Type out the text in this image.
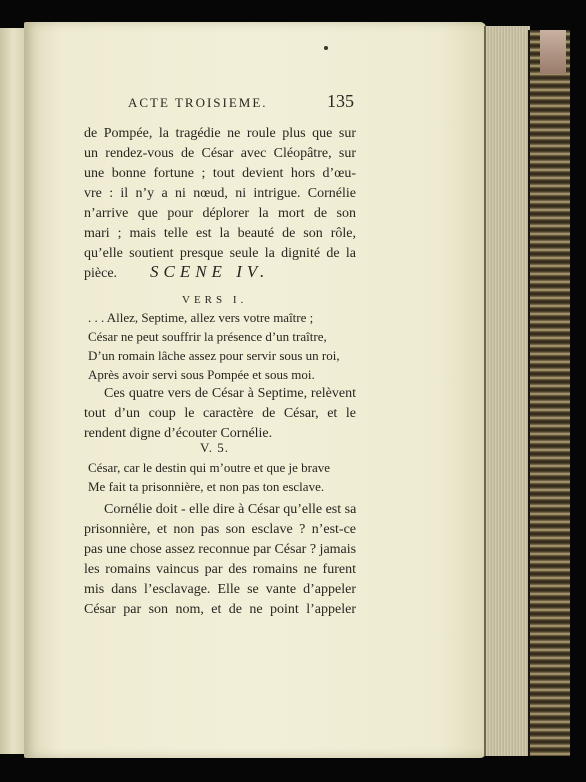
ACTE TROISIEME.	135
de Pompée, la tragédie ne roule plus que sur
un rendez-vous de César avec Cléopâtre, sur
une bonne fortune ; tout devient hors d’œu-
vre : il n’y a ni nœud, ni intrigue. Cornélie
n’arrive que pour déplorer la mort de son
mari ; mais telle est la beauté de son rôle,
qu’elle soutient presque seule la dignité de la
pièce.	SCENE IV.
VERS I.
. . . Allez, Septime, allez vers votre maître ;
César ne peut souffrir la présence d’un traître,
D’un romain lâche assez pour servir sous un roi,
Après avoir servi sous Pompée et sous moi.
Ces quatre vers de César à Septime, relèvent
tout d’un coup le caractère de César, et le
rendent digne d’écouter Cornélie.
V. 5.
César, car le destin qui m’outre et que je brave
Me fait ta prisonnière, et non pas ton esclave.
Cornélie doit - elle dire à César qu’elle est sa
prisonnière, et non pas son esclave ? n’est-ce
pas une chose assez reconnue par César ? jamais
les romains vaincus par des romains ne furent
mis dans l’esclavage. Elle se vante d’appeler
César par son nom, et de ne point l’appeler
